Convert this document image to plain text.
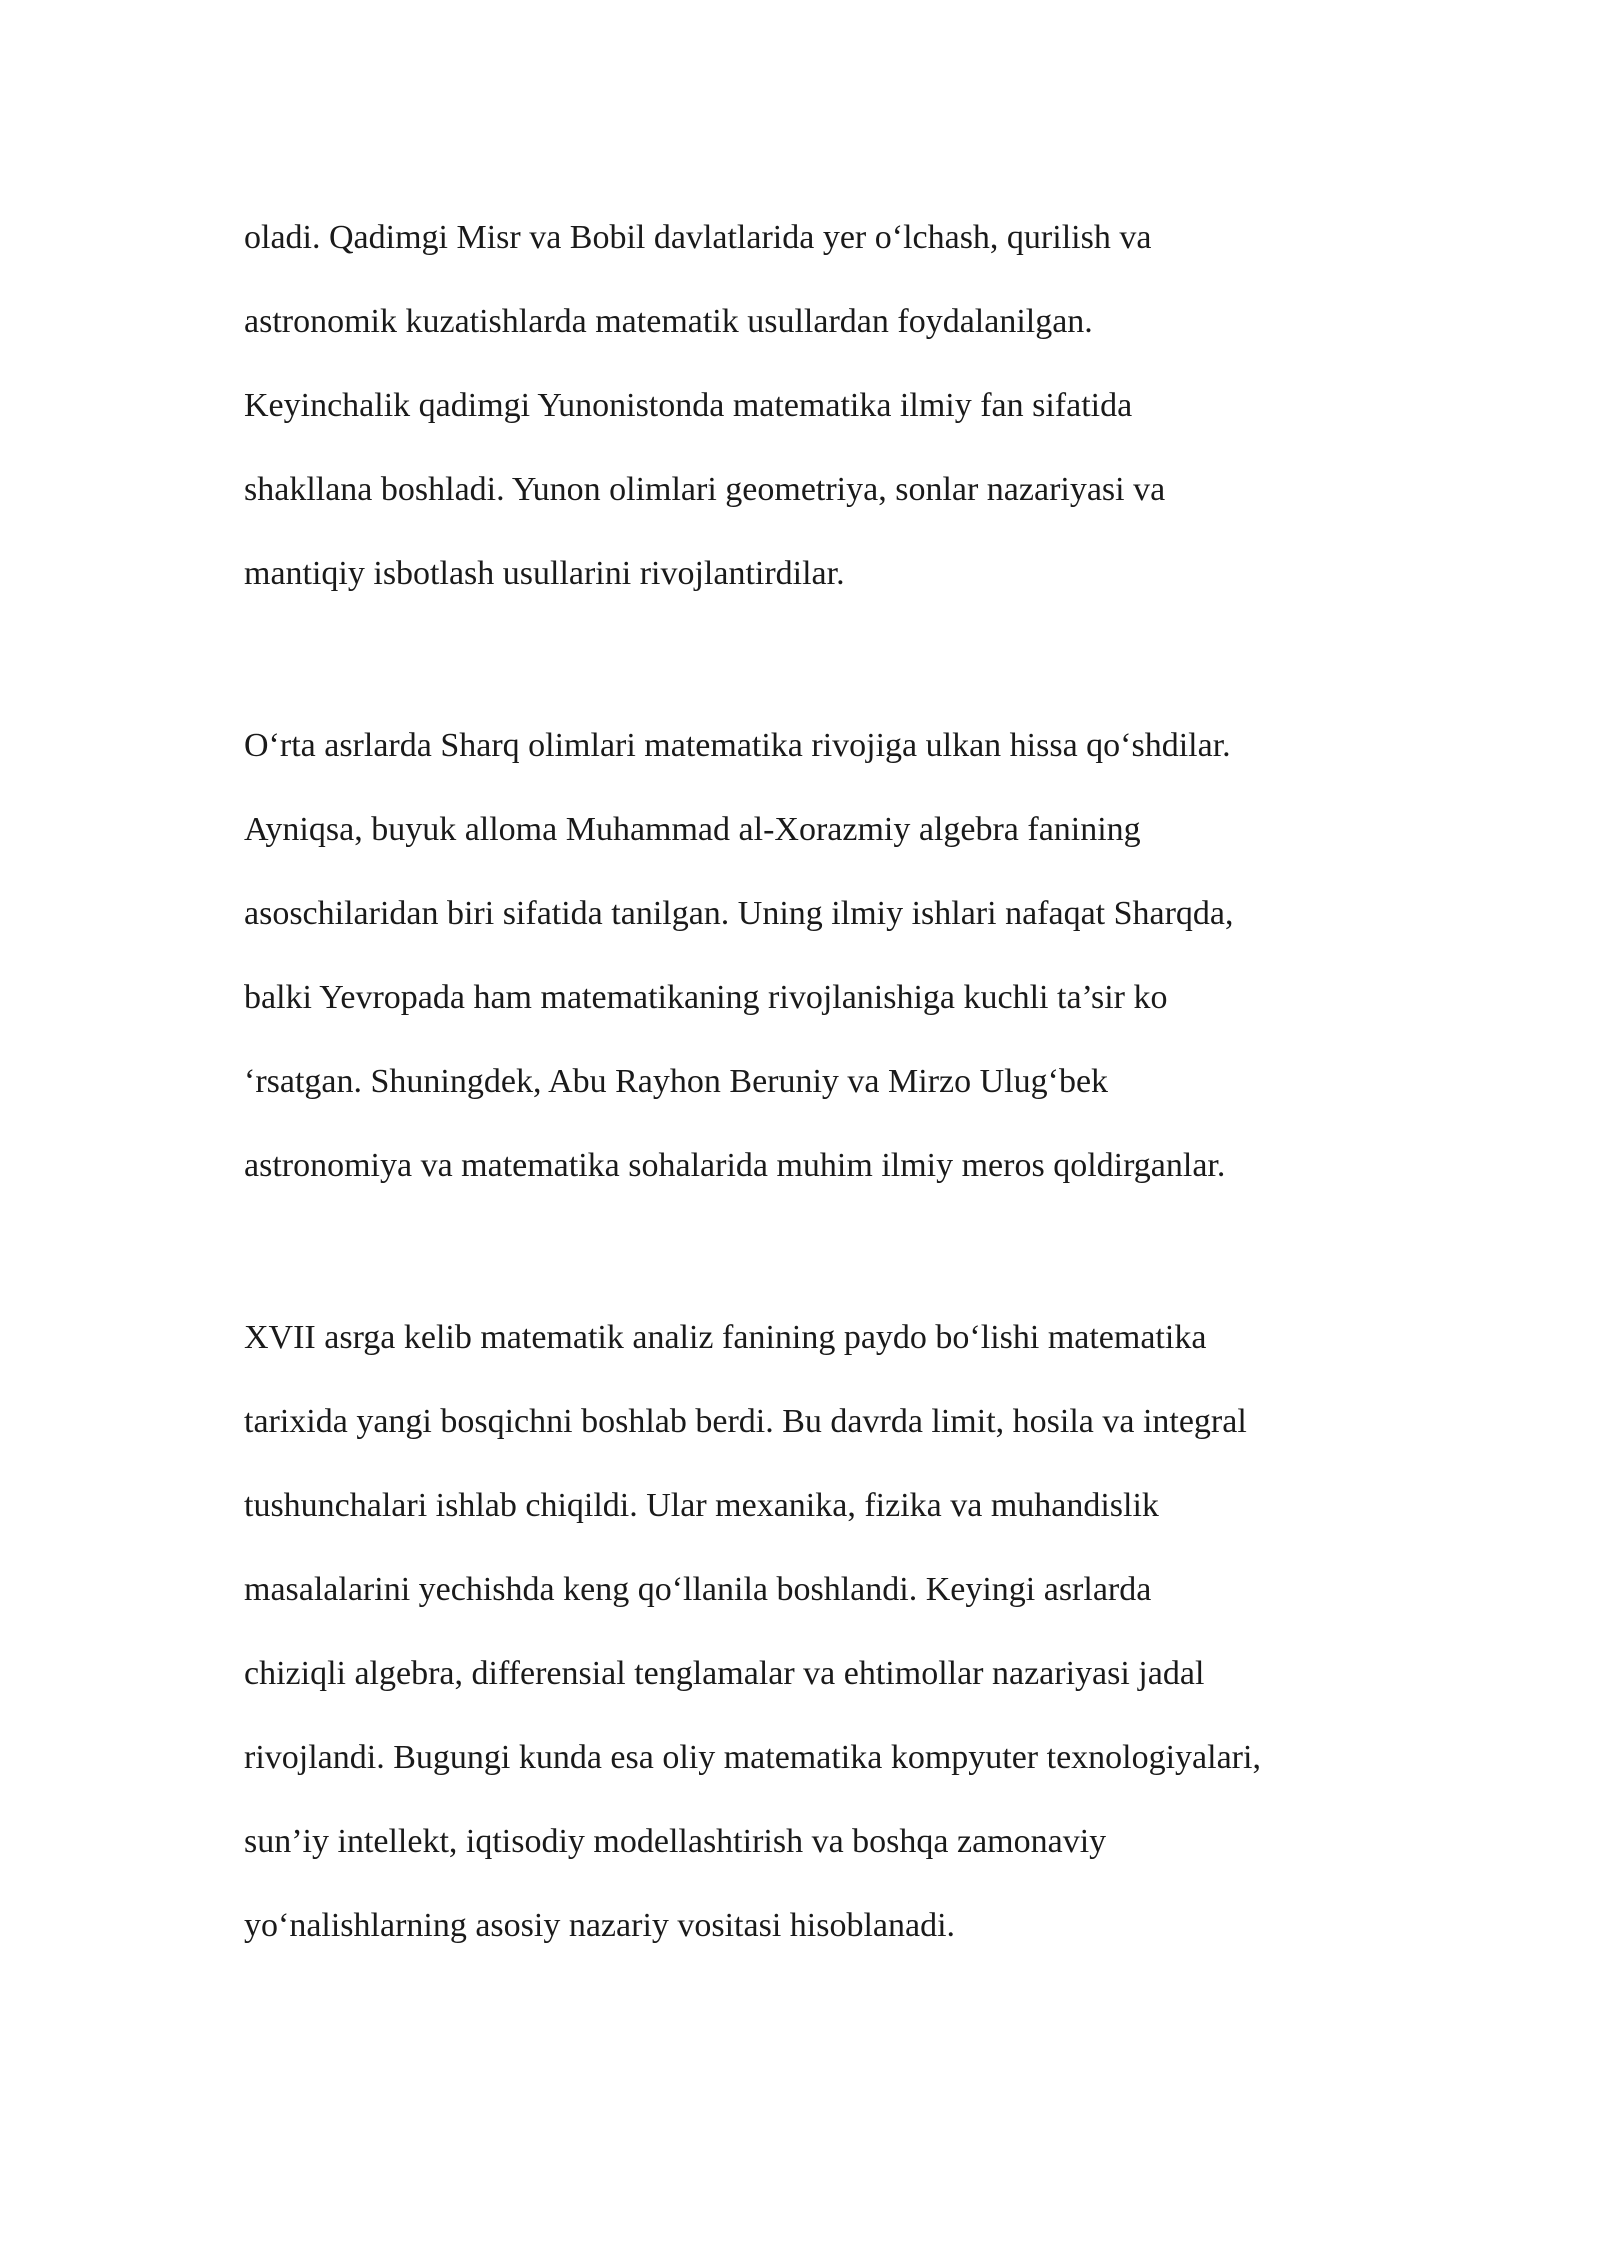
oladi. Qadimgi Misr va Bobil davlatlarida yer o‘lchash, qurilish va
astronomik kuzatishlarda matematik usullardan foydalanilgan.
Keyinchalik qadimgi Yunonistonda matematika ilmiy fan sifatida
shakllana boshladi. Yunon olimlari geometriya, sonlar nazariyasi va
mantiqiy isbotlash usullarini rivojlantirdilar.
O‘rta asrlarda Sharq olimlari matematika rivojiga ulkan hissa qo‘shdilar.
Ayniqsa, buyuk alloma Muhammad al-Xorazmiy algebra fanining
asoschilaridan biri sifatida tanilgan. Uning ilmiy ishlari nafaqat Sharqda,
balki Yevropada ham matematikaning rivojlanishiga kuchli ta’sir ko
‘rsatgan. Shuningdek, Abu Rayhon Beruniy va Mirzo Ulug‘bek
astronomiya va matematika sohalarida muhim ilmiy meros qoldirganlar.
XVII asrga kelib matematik analiz fanining paydo bo‘lishi matematika
tarixida yangi bosqichni boshlab berdi. Bu davrda limit, hosila va integral
tushunchalari ishlab chiqildi. Ular mexanika, fizika va muhandislik
masalalarini yechishda keng qo‘llanila boshlandi. Keyingi asrlarda
chiziqli algebra, differensial tenglamalar va ehtimollar nazariyasi jadal
rivojlandi. Bugungi kunda esa oliy matematika kompyuter texnologiyalari,
sun’iy intellekt, iqtisodiy modellashtirish va boshqa zamonaviy
yo‘nalishlarning asosiy nazariy vositasi hisoblanadi.
